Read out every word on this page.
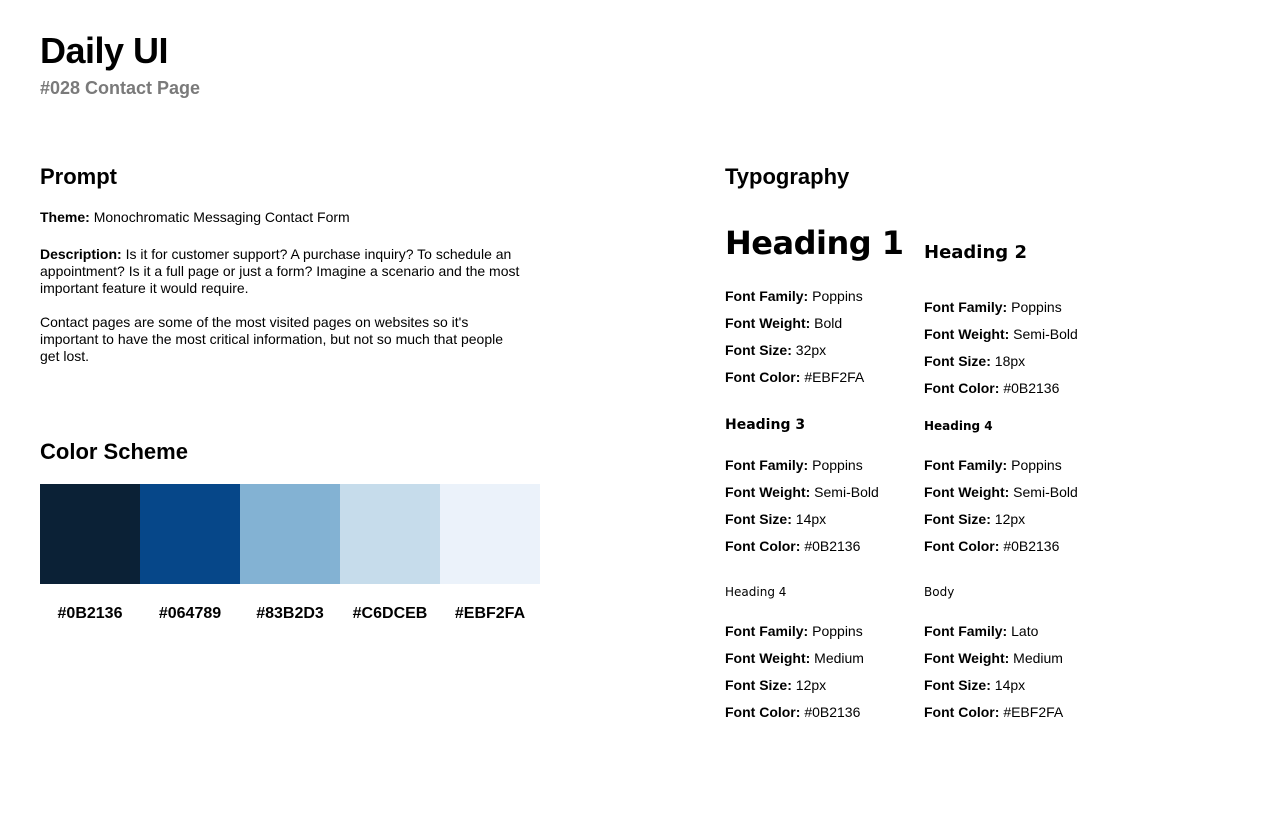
Daily UI
#028 Contact Page
Prompt

Theme: Monochromatic Messaging Contact Form

Description: Is it for customer support? A purchase inquiry? To schedule an appointment? Is it a full page or just a form? Imagine a scenario and the most important feature it would require.

Contact pages are some of the most visited pages on websites so it's important to have the most critical information, but not so much that people get lost.

Color Scheme
#0B2136 #064789 #83B2D3 #C6DCEB #EBF2FA
Typography
Heading 1
Font Family: Poppins
Font Weight: Bold
Font Size: 32px
Font Color: #EBF2FA
Heading 2
Font Family: Poppins
Font Weight: Semi-Bold
Font Size: 18px
Font Color: #0B2136
Heading 3
Font Family: Poppins
Font Weight: Semi-Bold
Font Size: 14px
Font Color: #0B2136
Heading 4
Font Family: Poppins
Font Weight: Semi-Bold
Font Size: 12px
Font Color: #0B2136
Heading 4
Font Family: Poppins
Font Weight: Medium
Font Size: 12px
Font Color: #0B2136
Body
Font Family: Lato
Font Weight: Medium
Font Size: 14px
Font Color: #EBF2FA
